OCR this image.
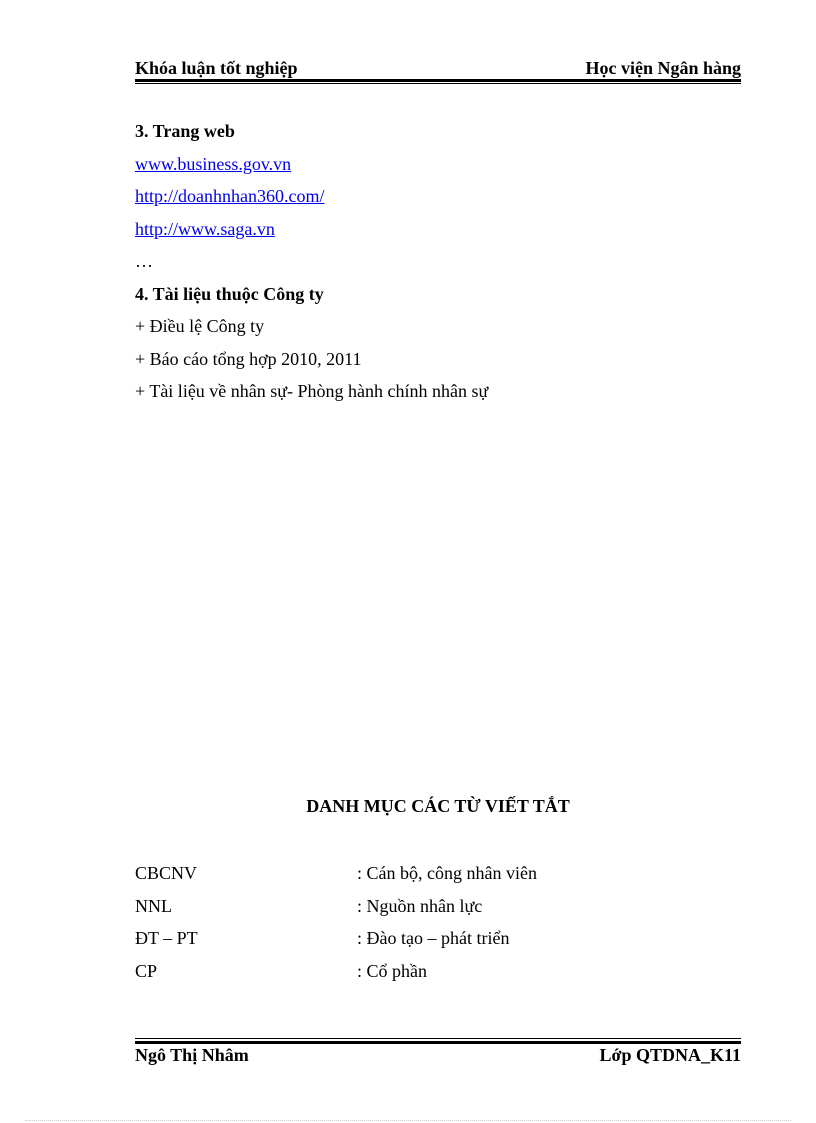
Khóa luận tốt nghiệp	Học viện Ngân hàng
3. Trang web
www.business.gov.vn
http://doanhnhan360.com/
http://www.saga.vn
…
4. Tài liệu thuộc Công ty
+ Điều lệ Công ty
+ Báo cáo tổng hợp 2010, 2011
+ Tài liệu về nhân sự- Phòng hành chính nhân sự
DANH MỤC CÁC TỪ VIẾT TẮT
CBCNV	: Cán bộ, công nhân viên
NNL	: Nguồn nhân lực
ĐT – PT	: Đào tạo – phát triển
CP	: Cổ phần
Ngô Thị Nhâm	Lớp QTDNA_K11
